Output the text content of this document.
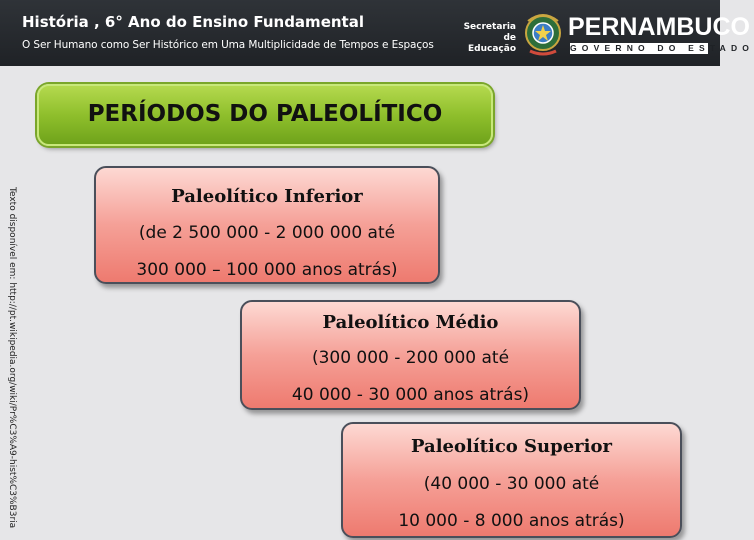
História , 6° Ano do Ensino Fundamental
O Ser Humano como Ser Histórico em Uma Multiplicidade de Tempos e Espaços
Secretaria de
Educação
PERNAMBUCO
GOVERNO DO ESTADO
PERÍODOS DO PALEOLÍTICO
Texto disponível em: http://pt.wikipedia.org/wiki/Pr%C3%A9-hist%C3%B3ria	Paleolítico Inferior
(de 2 500 000 - 2 000 000 até
300 000 – 100 000 anos atrás)
Paleolítico Médio
(300 000 - 200 000 até
40 000 - 30 000 anos atrás)
Paleolítico Superior
(40 000 - 30 000 até
10 000 - 8 000 anos atrás)
